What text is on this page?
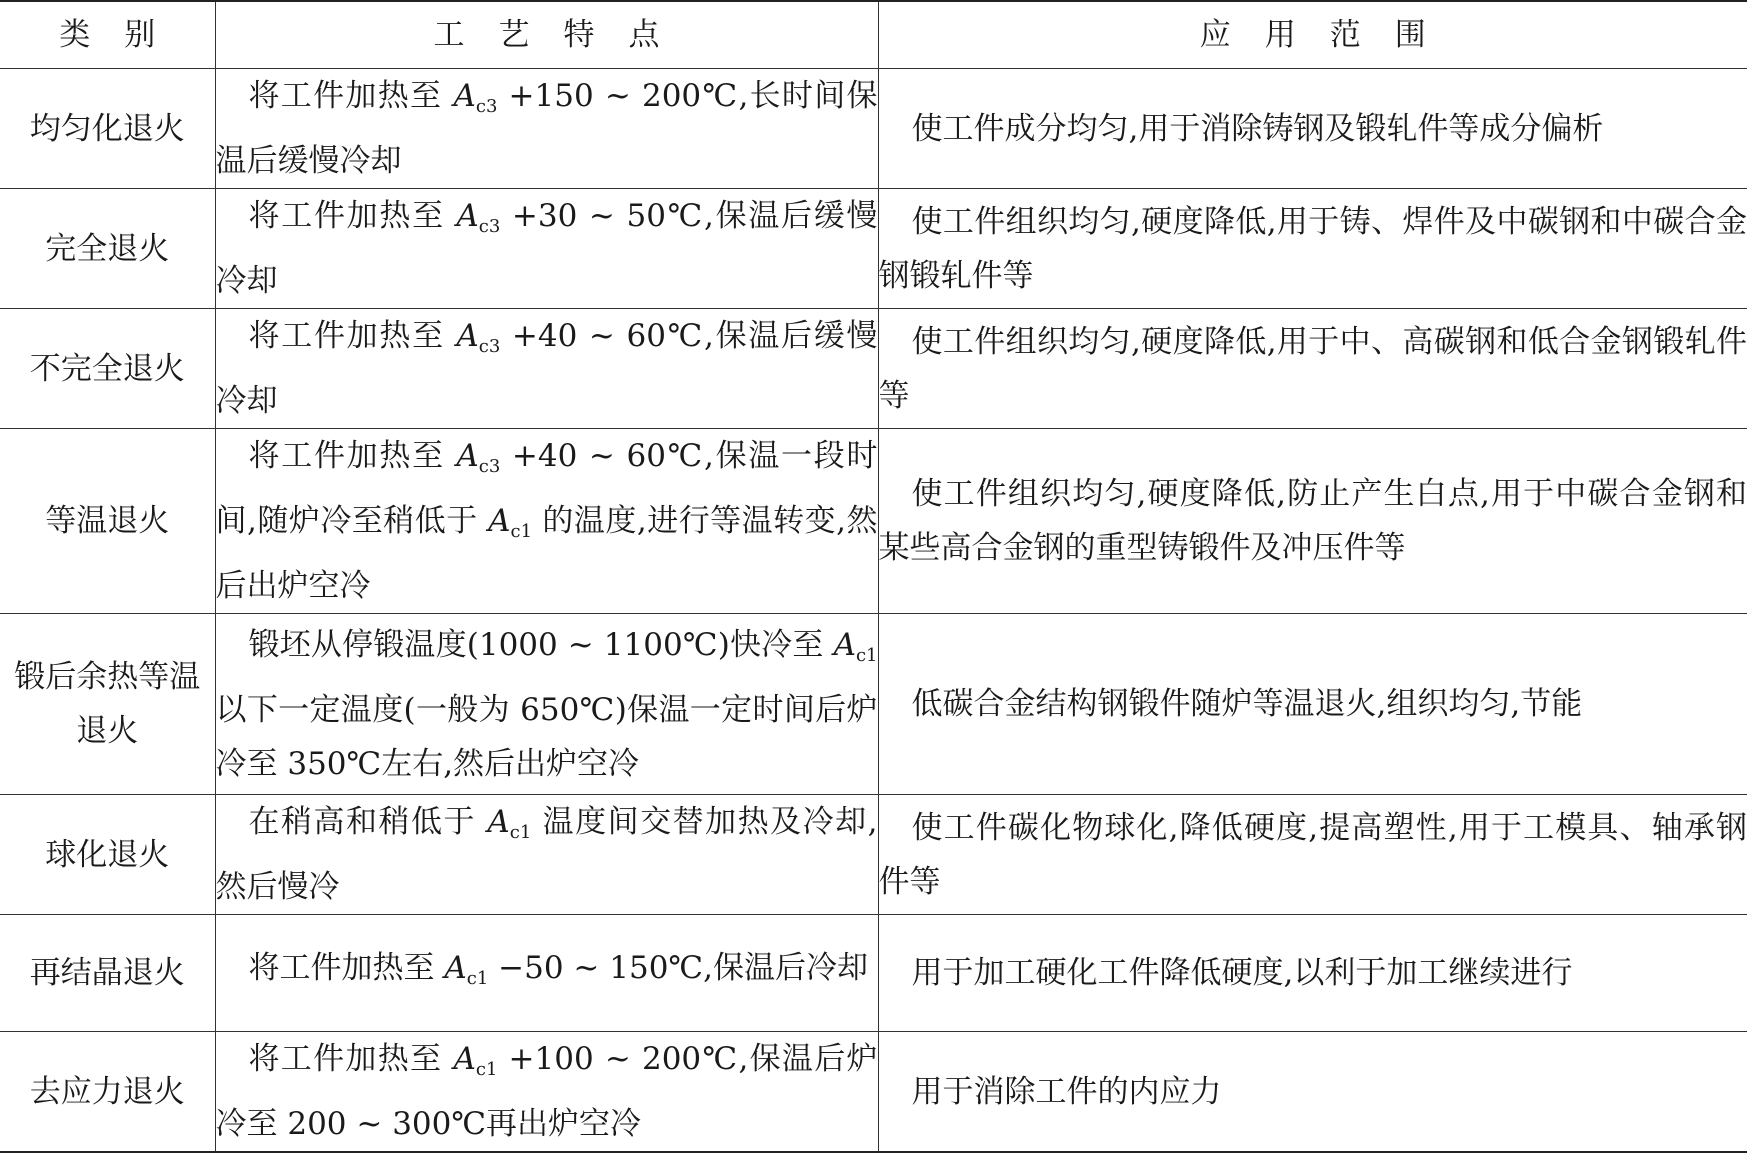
类别	工艺特点	应用范围
均匀化退火	将工件加热至 $A_{c3} +150$ ~ 200℃,长时间保温后缓慢冷却	使工件成分均匀,用于消除铸钢及锻轧件等成分偏析
完全退火	将工件加热至 $A_{c3} +30$ ~ 50℃,保温后缓慢冷却	使工件组织均匀,硬度降低,用于铸、焊件及中碳钢和中碳合金钢锻轧件等
不完全退火	将工件加热至 $A_{c3} +40$ ~ 60℃,保温后缓慢冷却	使工件组织均匀,硬度降低,用于中、高碳钢和低合金钢锻轧件等
等温退火	将工件加热至 $A_{c3} +40$ ~ 60℃,保温一段时间,随炉冷至稍低于 $A_{c1}$ 的温度,进行等温转变,然后出炉空冷	使工件组织均匀,硬度降低,防止产生白点,用于中碳合金钢和某些高合金钢的重型铸锻件及冲压件等
锻后余热等温退火	锻坯从停锻温度(1000 ~ 1100℃)快冷至 $A_{c1}$ 以下一定温度(一般为 650℃)保温一定时间后炉冷至 350℃左右,然后出炉空冷	低碳合金结构钢锻件随炉等温退火,组织均匀,节能
球化退火	在稍高和稍低于 $A_{c1}$ 温度间交替加热及冷却,然后慢冷	使工件碳化物球化,降低硬度,提高塑性,用于工模具、轴承钢件等
再结晶退火	将工件加热至 $A_{c1} -50$ ~ 150℃,保温后冷却	用于加工硬化工件降低硬度,以利于加工继续进行
去应力退火	将工件加热至 $A_{c1} +100$ ~ 200℃,保温后炉冷至 200 ~ 300℃再出炉空冷	用于消除工件的内应力
